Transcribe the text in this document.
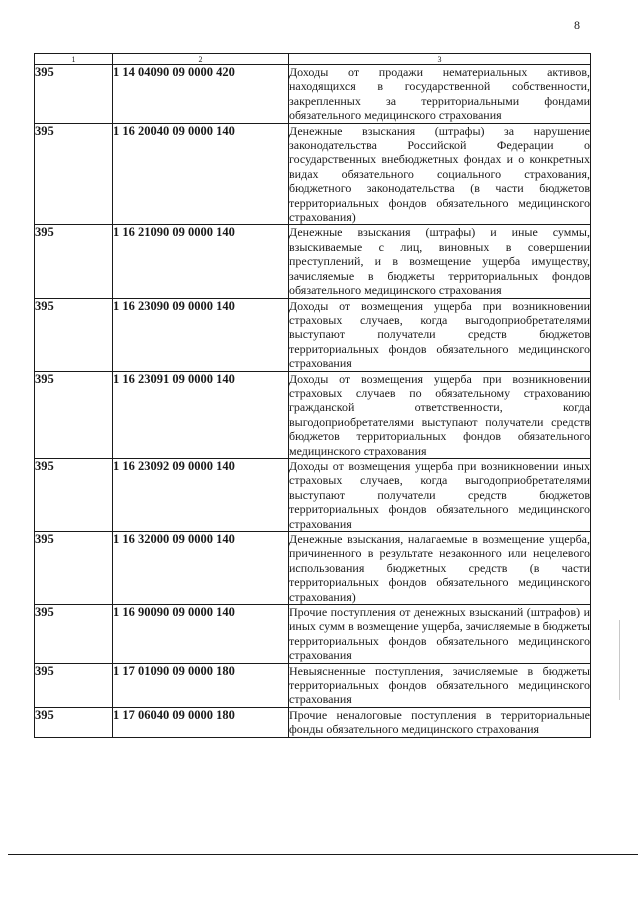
8
1	2	3
395	1 14 04090 09 0000 420	Доходы от продажи нематериальных активов, находящихся в государственной собственности, закрепленных за территориальными фондами обязательного медицинского страхования
395	1 16 20040 09 0000 140	Денежные взыскания (штрафы) за нарушение законодательства Российской Федерации о государственных внебюджетных фондах и о конкретных видах обязательного социального страхования, бюджетного законодательства (в части бюджетов территориальных фондов обязательного медицинского страхования)
395	1 16 21090 09 0000 140	Денежные взыскания (штрафы) и иные суммы, взыскиваемые с лиц, виновных в совершении преступлений, и в возмещение ущерба имуществу, зачисляемые в бюджеты территориальных фондов обязательного медицинского страхования
395	1 16 23090 09 0000 140	Доходы от возмещения ущерба при возникновении страховых случаев, когда выгодоприобретателями выступают получатели средств бюджетов территориальных фондов обязательного медицинского страхования
395	1 16 23091 09 0000 140	Доходы от возмещения ущерба при возникновении страховых случаев по обязательному страхованию гражданской ответственности, когда выгодоприобретателями выступают получатели средств бюджетов территориальных фондов обязательного медицинского страхования
395	1 16 23092 09 0000 140	Доходы от возмещения ущерба при возникновении иных страховых случаев, когда выгодоприобретателями выступают получатели средств бюджетов территориальных фондов обязательного медицинского страхования
395	1 16 32000 09 0000 140	Денежные взыскания, налагаемые в возмещение ущерба, причиненного в результате незаконного или нецелевого использования бюджетных средств (в части территориальных фондов обязательного медицинского страхования)
395	1 16 90090 09 0000 140	Прочие поступления от денежных взысканий (штрафов) и иных сумм в возмещение ущерба, зачисляемые в бюджеты территориальных фондов обязательного медицинского страхования
395	1 17 01090 09 0000 180	Невыясненные поступления, зачисляемые в бюджеты территориальных фондов обязательного медицинского страхования
395	1 17 06040 09 0000 180	Прочие неналоговые поступления в территориальные фонды обязательного медицинского страхования
